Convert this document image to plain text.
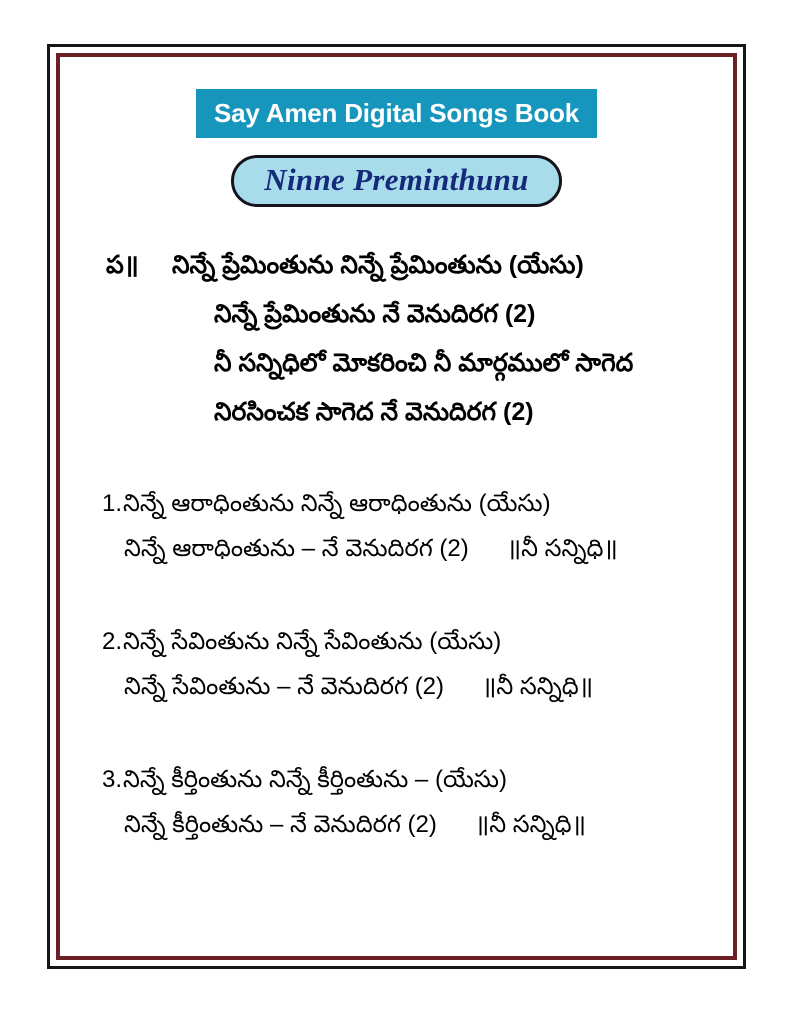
Say Amen Digital Songs Book
Ninne Preminthunu
ప॥	నిన్నే ప్రేమింతును నిన్నే ప్రేమింతును (యేసు)
నిన్నే ప్రేమింతును నే వెనుదిరగ (2)
నీ సన్నిధిలో మోకరించి నీ మార్గములో సాగెద
నిరసించక సాగెద నే వెనుదిరగ (2)
1. నిన్నే ఆరాధింతును నిన్నే ఆరాధింతును (యేసు)
నిన్నే ఆరాధింతును – నే వెనుదిరగ (2)	॥నీ సన్నిధి॥
2. నిన్నే సేవింతును నిన్నే సేవింతును (యేసు)
నిన్నే సేవింతును – నే వెనుదిరగ (2)	॥నీ సన్నిధి॥
3. నిన్నే కీర్తింతును నిన్నే కీర్తింతును – (యేసు)
నిన్నే కీర్తింతును – నే వెనుదిరగ (2)	॥నీ సన్నిధి॥
